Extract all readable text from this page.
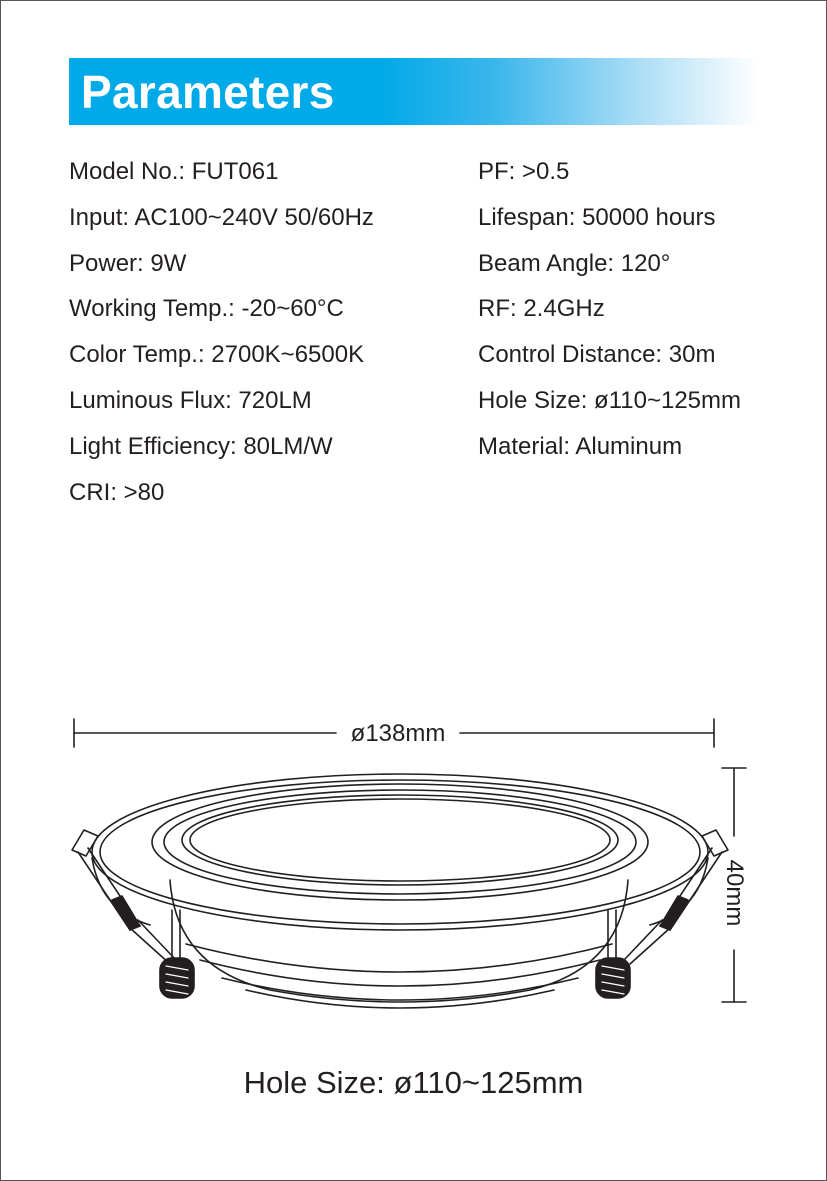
Parameters
Model No.: FUT061
Input: AC100~240V 50/60Hz
Power: 9W
Working Temp.: -20~60°C
Color Temp.: 2700K~6500K
Luminous Flux: 720LM
Light Efficiency: 80LM/W
CRI: >80
PF: >0.5
Lifespan: 50000 hours
Beam Angle: 120°
RF: 2.4GHz
Control Distance: 30m
Hole Size: ø110~125mm
Material: Aluminum
ø138mm
40mm
Hole Size: ø110~125mm
